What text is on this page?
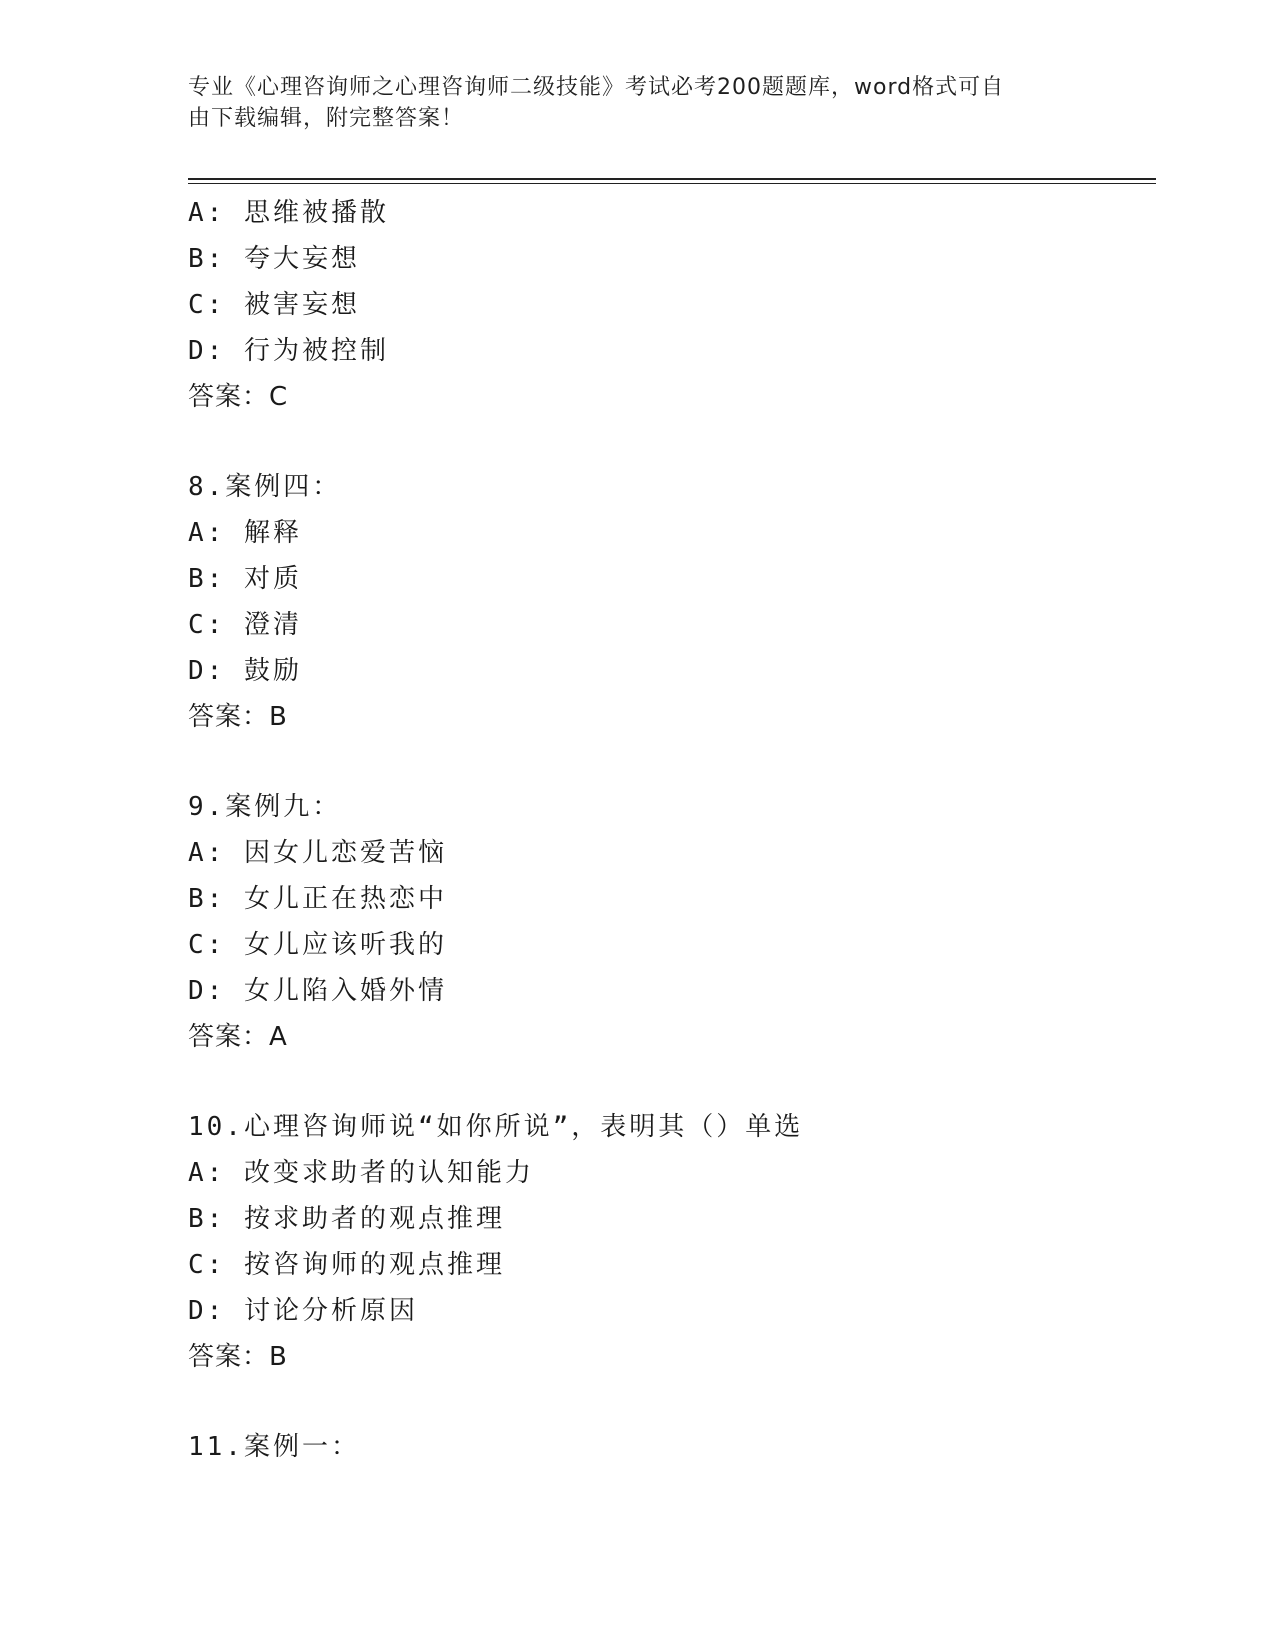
专业《心理咨询师之心理咨询师二级技能》考试必考200题题库，word格式可自
由下载编辑，附完整答案！
A: 思维被播散
B: 夸大妄想
C: 被害妄想
D: 行为被控制
答案：C
8.案例四：
A: 解释
B: 对质
C: 澄清
D: 鼓励
答案：B
9.案例九：
A: 因女儿恋爱苦恼
B: 女儿正在热恋中
C: 女儿应该听我的
D: 女儿陷入婚外情
答案：A
10.心理咨询师说“如你所说”，表明其（）单选
A: 改变求助者的认知能力
B: 按求助者的观点推理
C: 按咨询师的观点推理
D: 讨论分析原因
答案：B
11.案例一：
